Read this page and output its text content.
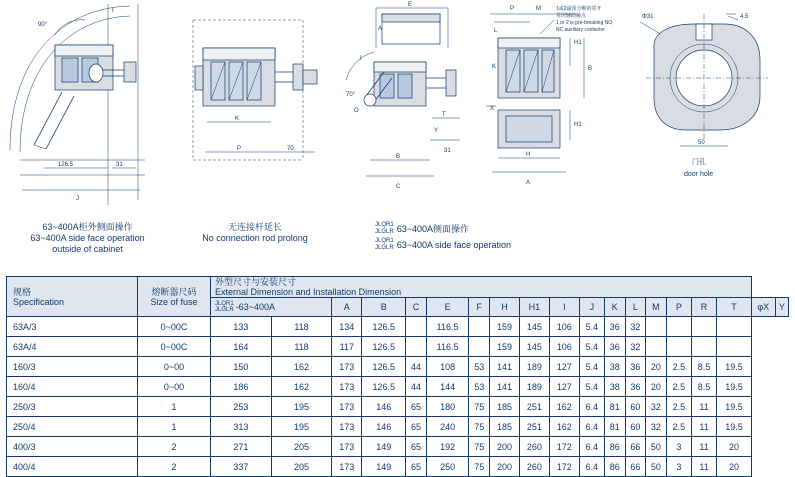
90°
126.5	31
J
I
K
P	70
E
A
70°
O
T
Y
31
B
C
I
P	M
L
1或2副预分断的常开
常闭辅助触点
1 or 2 is pre-breaking NO,
NC auxiliary contactor
H1
B
K
H1
H
A
X
Φ31	4.5
50
门孔
door hole
63~400A柜外侧面操作
63~400A side face operation
outside of cabinet
无连接杆延长
No connection rod prolong
JLQR1
JLGLR 63~400A侧面操作
JLQR1
JLGLR 63~400A side face operation
规格
Specification

熔断器尺码
Size of fuse

外型尺寸与安装尺寸
External Dimension and Installation Dimension

		JLQR1
JLGLR -63~400A		A	B	C	E	F	H	H1	I	J	K	L	M	P	R	T	φX	Y
63A/3	0~00C	133	118	134	126.5		116.5		159	145	106	5.4	36	32						
63A/4	0~00C	164	118	117	126.5		116.5		159	145	106	5.4	36	32						
160/3	0~00	150	162	173	126.5	44	108	53	141	189	127	5.4	38	36	20	2.5	8.5	19.5		
160/4	0~00	186	162	173	126.5	44	144	53	141	189	127	5.4	38	36	20	2.5	8.5	19.5		
250/3	1	253	195	173	146	65	180	75	185	251	162	6.4	81	60	32	2.5	11	19.5		
250/4	1	313	195	173	146	65	240	75	185	251	162	6.4	81	60	32	2.5	11	19.5		
400/3	2	271	205	173	149	65	192	75	200	260	172	6.4	86	66	50	3	11	20		
400/4	2	337	205	173	149	65	250	75	200	260	172	6.4	86	66	50	3	11	20		
